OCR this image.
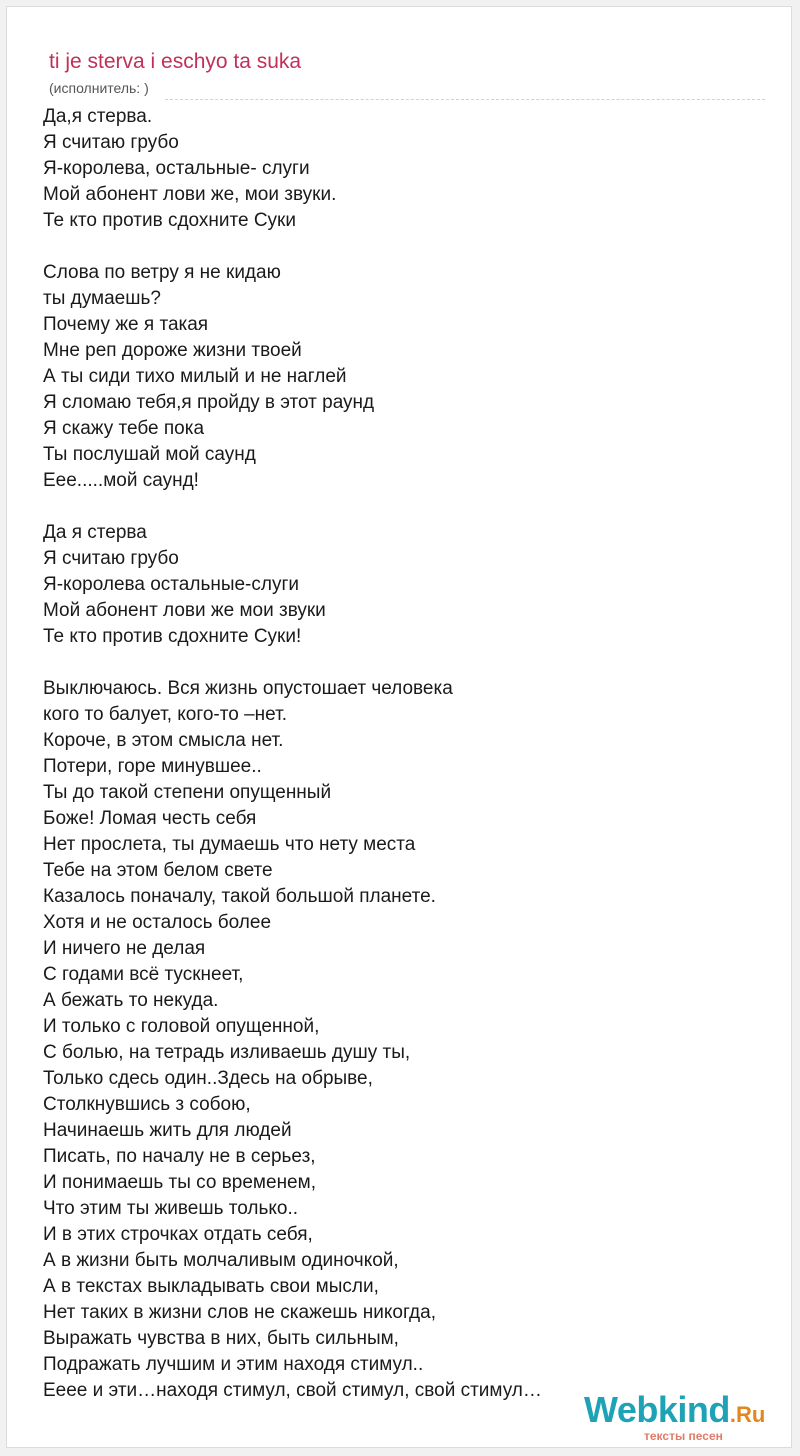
ti je sterva i eschyo ta suka
(исполнитель: )
Да,я стерва.
Я считаю грубо
Я-королева, остальные- слуги
Мой абонент лови же, мои звуки.
Те кто против сдохните Суки
Слова по ветру я не кидаю
ты думаешь?
Почему же я такая
Мне реп дороже жизни твоей
А ты сиди тихо милый и не наглей
Я сломаю тебя,я пройду в этот раунд
Я скажу тебе пока
Ты послушай мой саунд
Еее.....мой саунд!
Да я стерва
Я считаю грубо
Я-королева остальные-слуги
Мой абонент лови же мои звуки
Те кто против сдохните Суки!
Выключаюсь. Вся жизнь опустошает человека
кого то балует, кого-то –нет.
Короче, в этом смысла нет.
Потери, горе минувшее..
Ты до такой степени опущенный
Боже! Ломая честь себя
Нет прослета, ты думаешь что нету места
Тебе на этом белом свете
Казалось поначалу, такой большой планете.
Хотя и не осталось более
И ничего не делая
С годами всё тускнеет,
А бежать то некуда.
И только с головой опущенной,
С болью, на тетрадь изливаешь душу ты,
Только сдесь один..Здесь на обрыве,
Столкнувшись з собою,
Начинаешь жить для людей
Писать, по началу не в серьез,
И понимаешь ты со временем,
Что этим ты живешь только..
И в этих строчках отдать себя,
А в жизни быть молчаливым одиночкой,
А в текстах выкладывать свои мысли,
Нет таких в жизни слов не скажешь никогда,
Выражать чувства в них, быть сильным,
Подражать лучшим и этим находя стимул..
Еееe и эти…находя стимул, свой стимул, свой стимул…	Webkind.Ru
тексты песен
